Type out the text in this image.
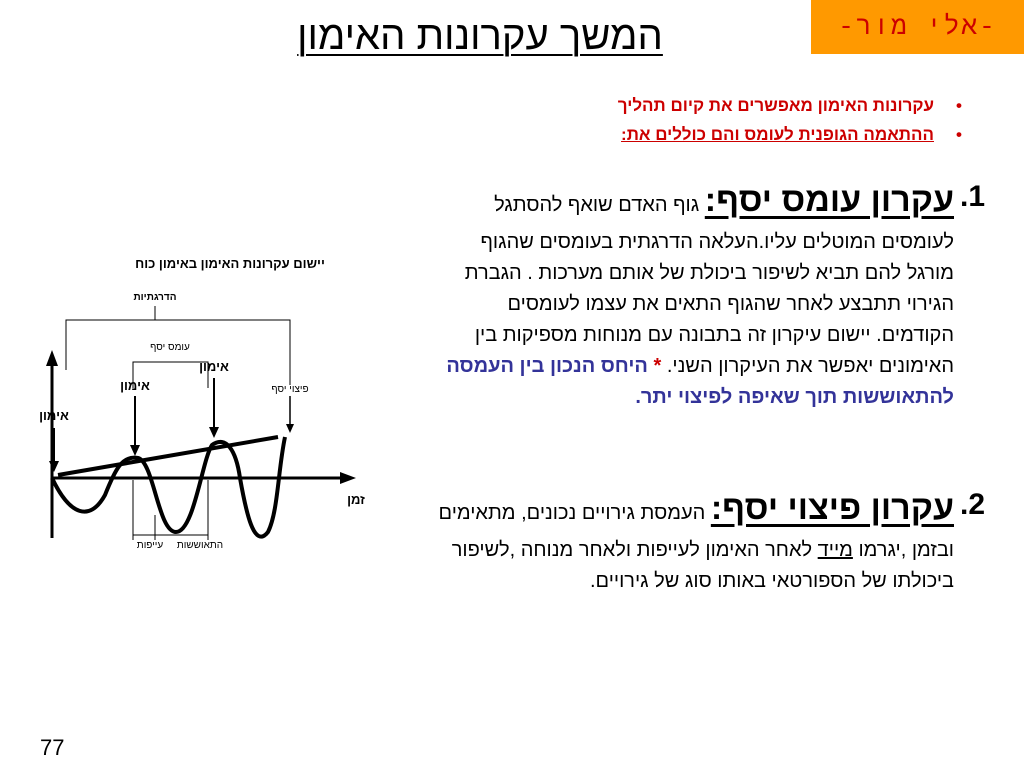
-אלי מור-
המשך עקרונות האימון
•
עקרונות האימון מאפשרים את קיום תהליך
•
ההתאמה הגופנית לעומס והם כוללים את:
1.
עקרון עומס יסף: גוף האדם שואף להסתגל לעומסים המוטלים עליו.העלאה הדרגתית בעומסים שהגוף מורגל להם תביא לשיפור ביכולת של אותם מערכות . הגברת הגירוי תתבצע לאחר שהגוף התאים את עצמו לעומסים הקודמים. יישום עיקרון זה בתבונה עם מנוחות מספיקות בין האימונים יאפשר את העיקרון השני. * היחס הנכון בין העמסה להתאוששות תוך שאיפה לפיצוי יתר.
2.
עקרון פיצוי יסף: העמסת גירויים נכונים, מתאימים ובזמן ,יגרמו מייד לאחר האימון לעייפות ולאחר מנוחה ,לשיפור ביכולתו של הספורטאי באותו סוג של גירויים.
יישום עקרונות האימון באימון כוח
הדרגתיות
עומס יסף
אימון
אימון
אימון
פיצוי יסף
זמן
עייפות התאוששות
77
